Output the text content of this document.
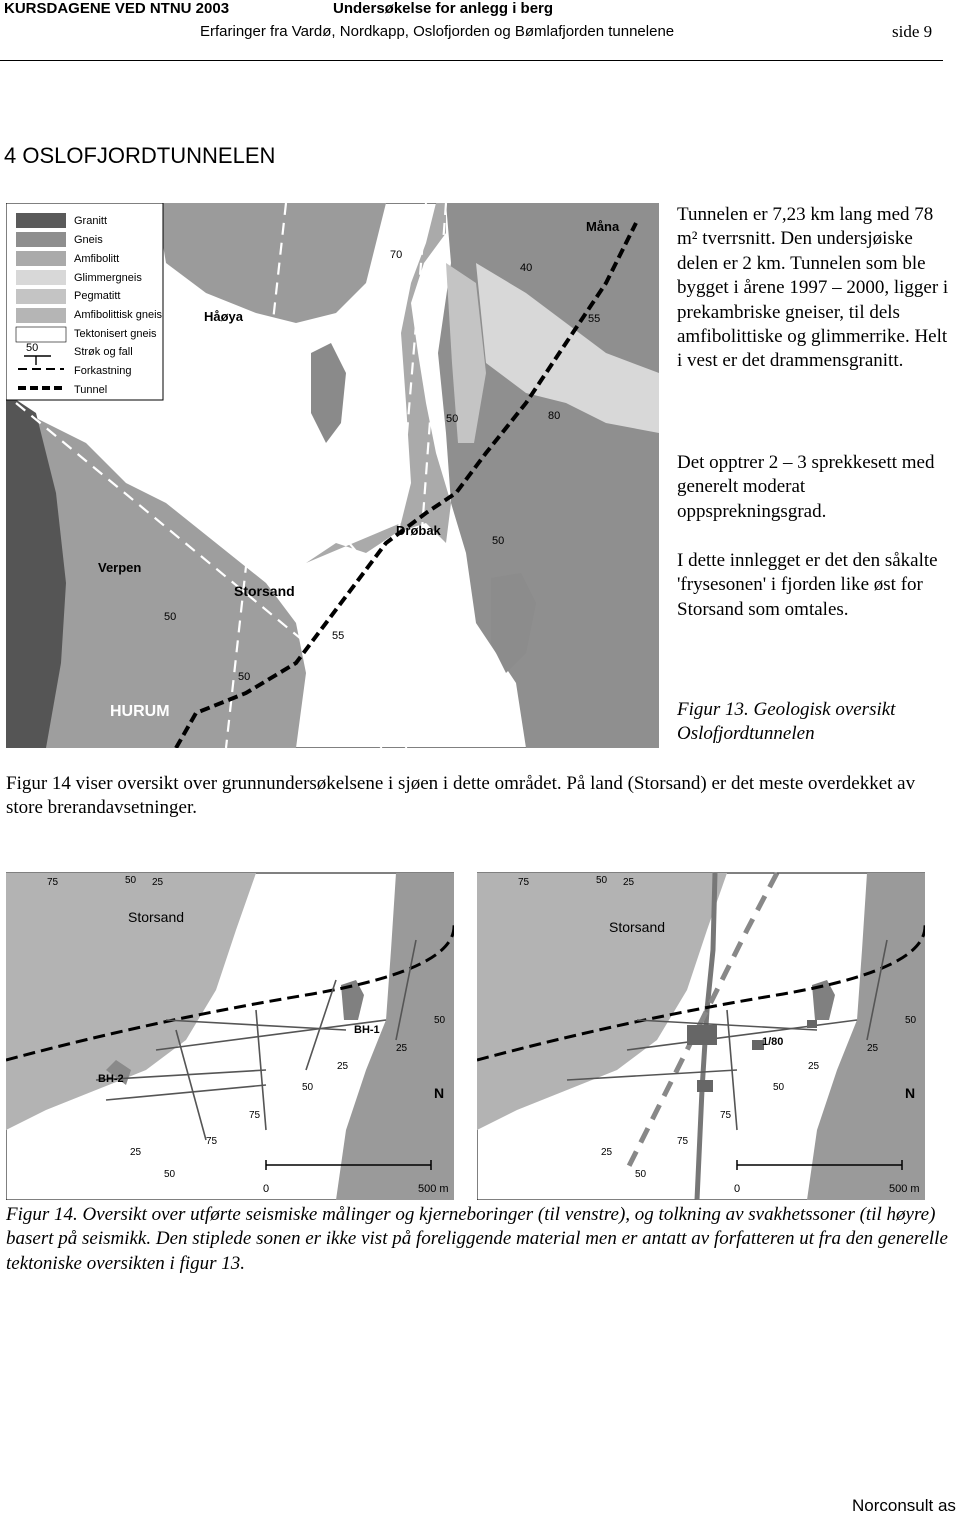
KURSDAGENE VED NTNU 2003	Undersøkelse for anlegg i berg
Erfaringer fra Vardø, Nordkapp, Oslofjorden og Bømlafjorden tunnelene	side 9
4 OSLOFJORDTUNNELEN
Granitt
Gneis
Amfibolitt
Glimmergneis
Pegmatitt
Amfibolittisk gneis
Tektonisert gneis
Strøk og fall
Forkastning
Tunnel
50
Håøya
Måna
Drøbak
Verpen
Storsand
HURUM
70
40
55
50	80
50
50
55
50
Tunnelen er 7,23 km lang med 78 m² tverrsnitt. Den undersjøiske delen er 2 km. Tunnelen som ble bygget i årene 1997 – 2000, ligger i prekambriske gneiser, til dels amfibolittiske og glimmerrike. Helt i vest er det drammensgranitt.
Det opptrer 2 – 3 sprekkesett med generelt moderat oppsprekningsgrad.
I dette innlegget er det den såkalte 'frysesonen' i fjorden like øst for Storsand som omtales.
Figur 13. Geologisk oversikt Oslofjordtunnelen
Figur 14 viser oversikt over grunnundersøkelsene i sjøen i dette området. På land (Storsand) er det meste overdekket av store brerandavsetninger.
0	500 m
Storsand
BH-1
BH-2
N
75	50 25
50
25
25
50
75
25
75
50
0	500 m
Storsand
1/80
N
75	50 25
50
25
25
50
75
25
75
50
Figur 14. Oversikt over utførte seismiske målinger og kjerneboringer (til venstre), og tolkning av svakhetssoner (til høyre) basert på seismikk. Den stiplede sonen er ikke vist på foreliggende material men er antatt av forfatteren ut fra den generelle tektoniske oversikten i figur 13.
Norconsult as
